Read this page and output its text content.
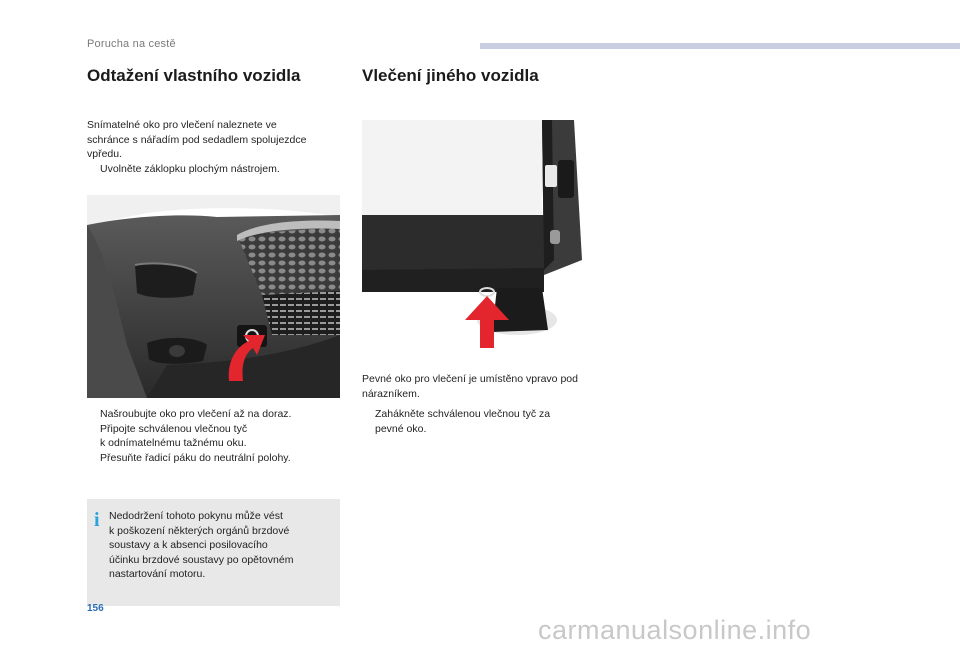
Porucha na cestě
Odtažení vlastního vozidla
Snímatelné oko pro vlečení naleznete ve
schránce s nářadím pod sedadlem spolujezdce
vpředu.
Uvolněte záklopku plochým nástrojem.
Našroubujte oko pro vlečení až na doraz.
Připojte schválenou vlečnou tyč
k odnímatelnému tažnému oku.
Přesuňte řadicí páku do neutrální polohy.
i Nedodržení tohoto pokynu může vést
k poškození některých orgánů brzdové
soustavy a k absenci posilovacího
účinku brzdové soustavy po opětovném
nastartování motoru.
Vlečení jiného vozidla
Pevné oko pro vlečení je umístěno vpravo pod
nárazníkem.
Zahákněte schválenou vlečnou tyč za
pevné oko.
156
carmanualsonline.info
